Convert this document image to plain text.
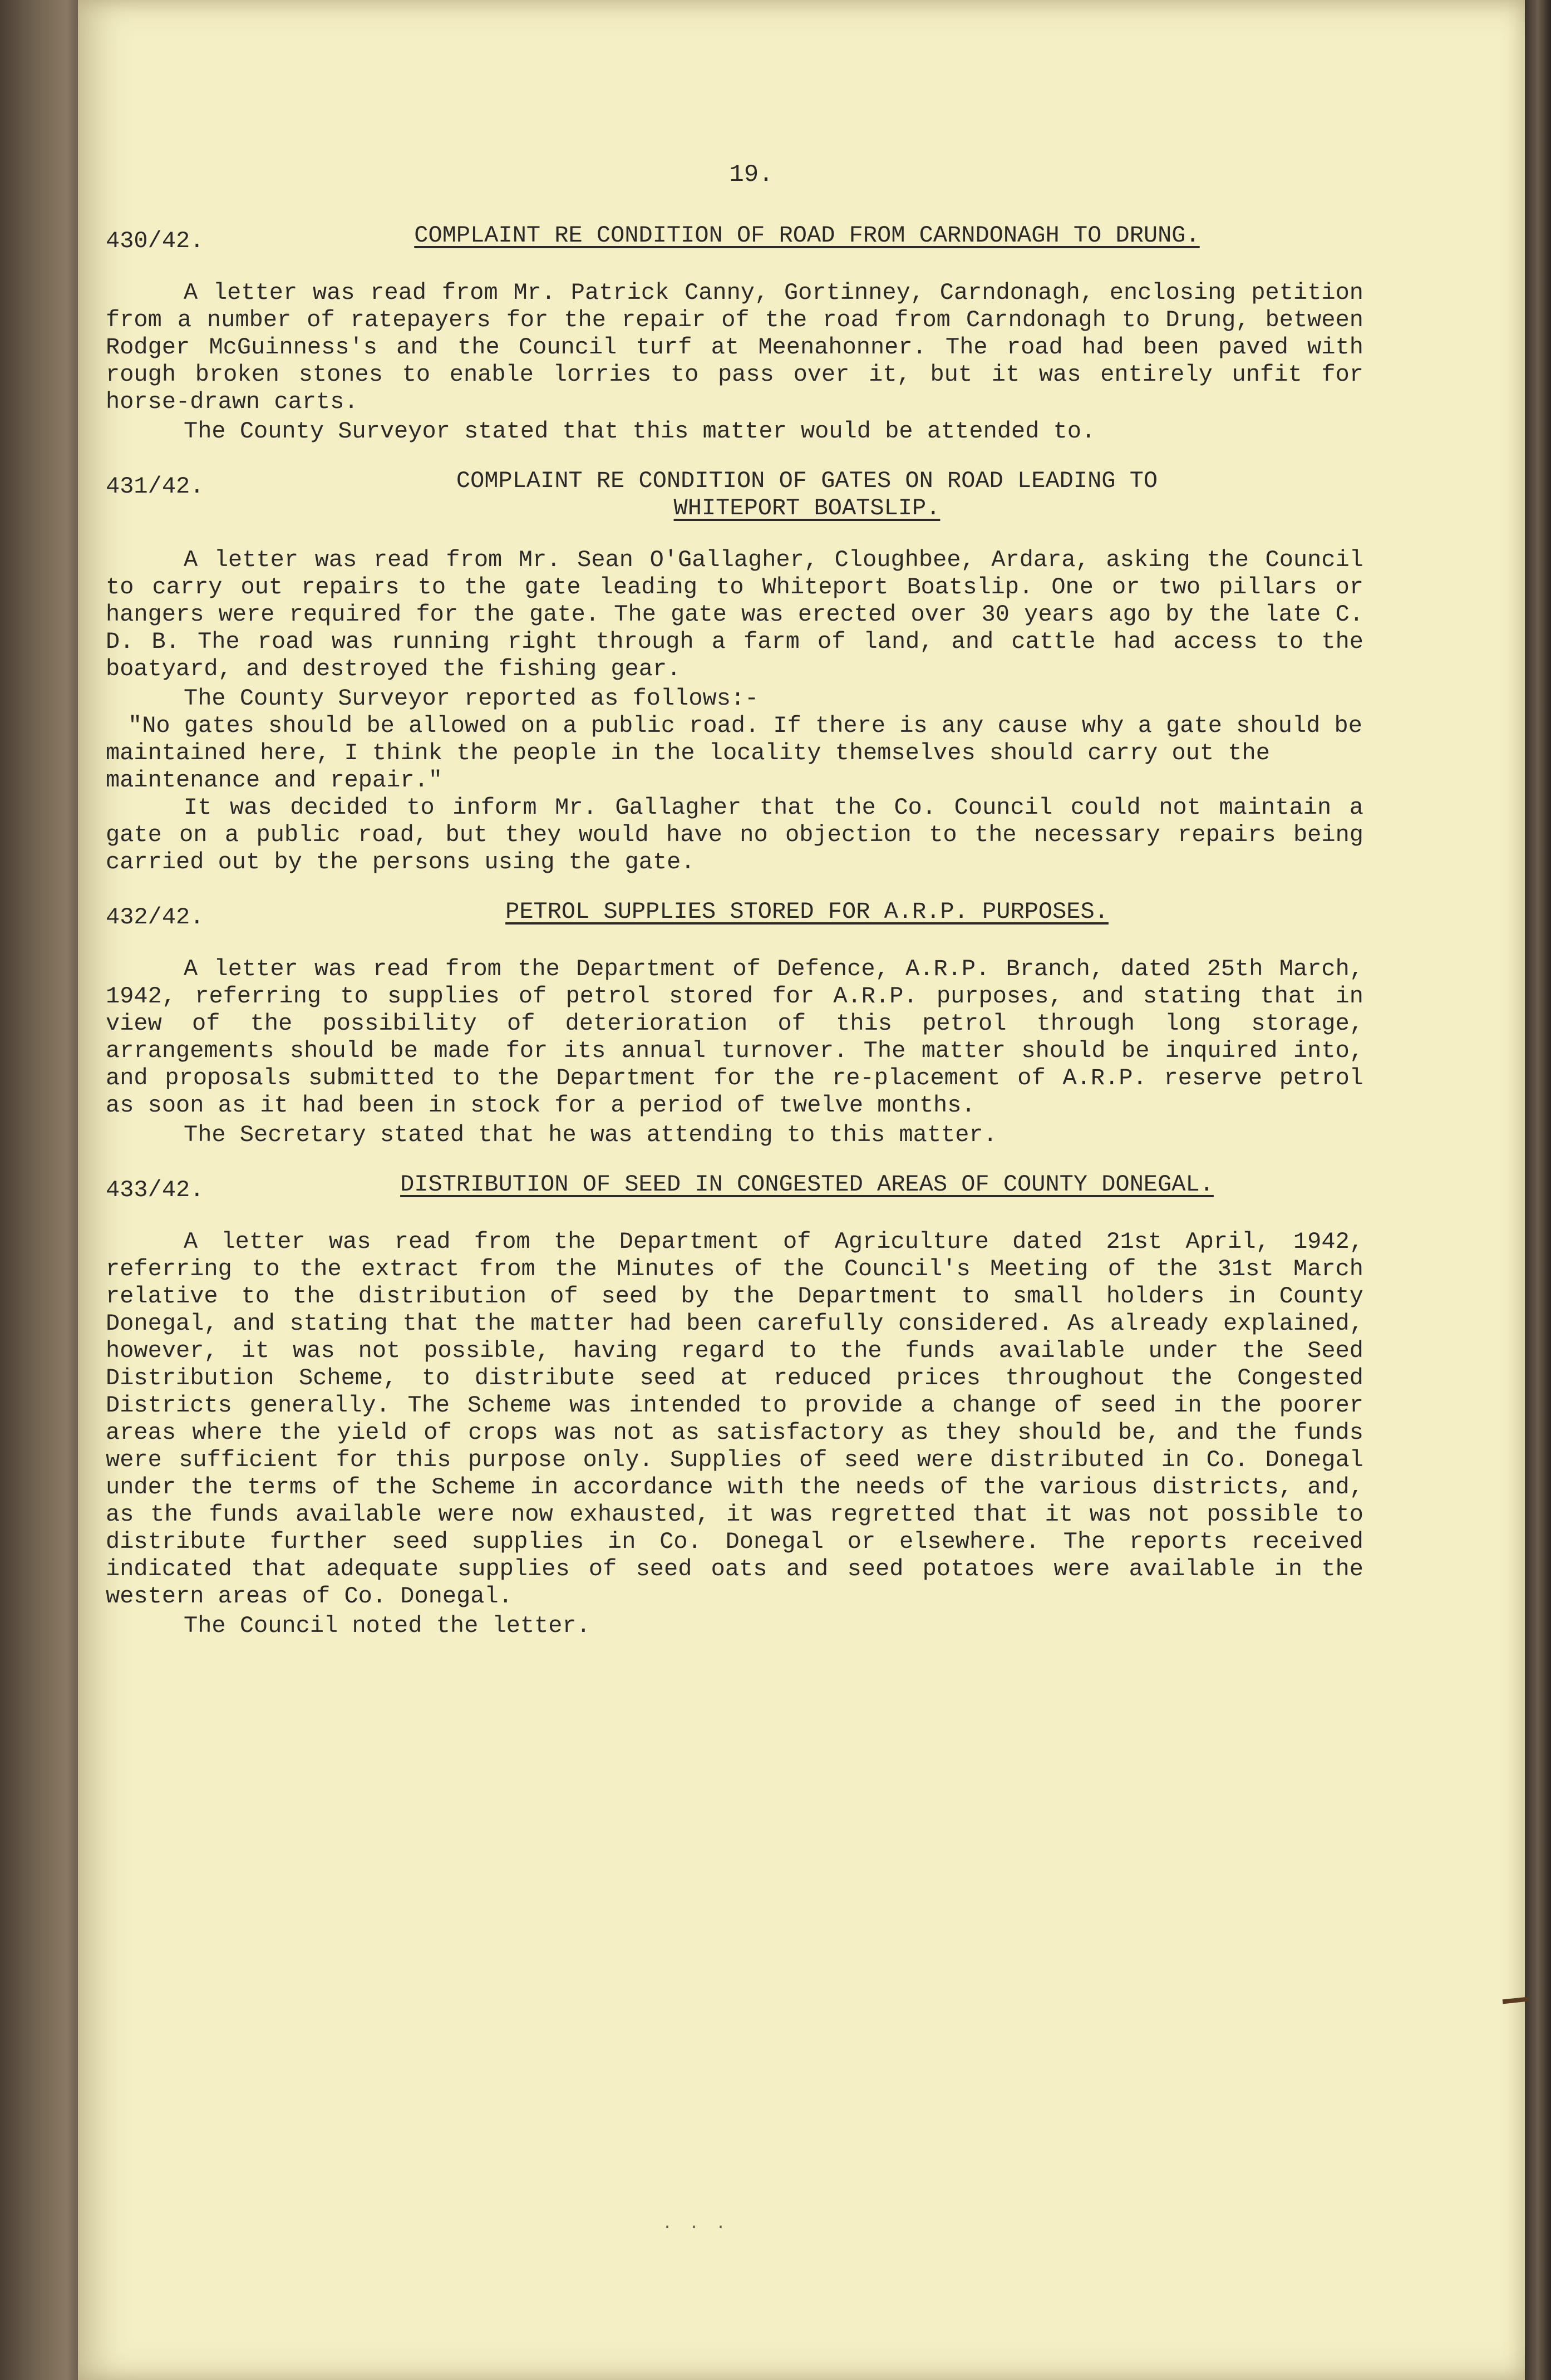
19.
430/42.	COMPLAINT RE CONDITION OF ROAD FROM CARNDONAGH TO DRUNG.

A letter was read from Mr. Patrick Canny, Gortinney, Carndonagh, enclosing petition from a number of ratepayers for the repair of the road from Carndonagh to Drung, between Rodger McGuinness's and the Council turf at Meenahonner. The road had been paved with rough broken stones to enable lorries to pass over it, but it was entirely unfit for horse-drawn carts.

The County Surveyor stated that this matter would be attended to.

431/42.	COMPLAINT RE CONDITION OF GATES ON ROAD LEADING TO
WHITEPORT BOATSLIP.

A letter was read from Mr. Sean O'Gallagher, Cloughbee, Ardara, asking the Council to carry out repairs to the gate leading to Whiteport Boatslip. One or two pillars or hangers were required for the gate. The gate was erected over 30 years ago by the late C. D. B. The road was running right through a farm of land, and cattle had access to the boatyard, and destroyed the fishing gear.

The County Surveyor reported as follows:-

"No gates should be allowed on a public road. If there is any cause why a gate should be maintained here, I think the people in the locality themselves should carry out the maintenance and repair."

It was decided to inform Mr. Gallagher that the Co. Council could not maintain a gate on a public road, but they would have no objection to the necessary repairs being carried out by the persons using the gate.

432/42.	PETROL SUPPLIES STORED FOR A.R.P. PURPOSES.

A letter was read from the Department of Defence, A.R.P. Branch, dated 25th March, 1942, referring to supplies of petrol stored for A.R.P. purposes, and stating that in view of the possibility of deterioration of this petrol through long storage, arrangements should be made for its annual turnover. The matter should be inquired into, and proposals submitted to the Department for the re-placement of A.R.P. reserve petrol as soon as it had been in stock for a period of twelve months.

The Secretary stated that he was attending to this matter.

433/42.	DISTRIBUTION OF SEED IN CONGESTED AREAS OF COUNTY DONEGAL.

A letter was read from the Department of Agriculture dated 21st April, 1942, referring to the extract from the Minutes of the Council's Meeting of the 31st March relative to the distribution of seed by the Department to small holders in County Donegal, and stating that the matter had been carefully considered. As already explained, however, it was not possible, having regard to the funds available under the Seed Distribution Scheme, to distribute seed at reduced prices throughout the Congested Districts generally. The Scheme was intended to provide a change of seed in the poorer areas where the yield of crops was not as satisfactory as they should be, and the funds were sufficient for this purpose only. Supplies of seed were distributed in Co. Donegal under the terms of the Scheme in accordance with the needs of the various districts, and, as the funds available were now exhausted, it was regretted that it was not possible to distribute further seed supplies in Co. Donegal or elsewhere. The reports received indicated that adequate supplies of seed oats and seed potatoes were available in the western areas of Co. Donegal.

The Council noted the letter.

· · ·
